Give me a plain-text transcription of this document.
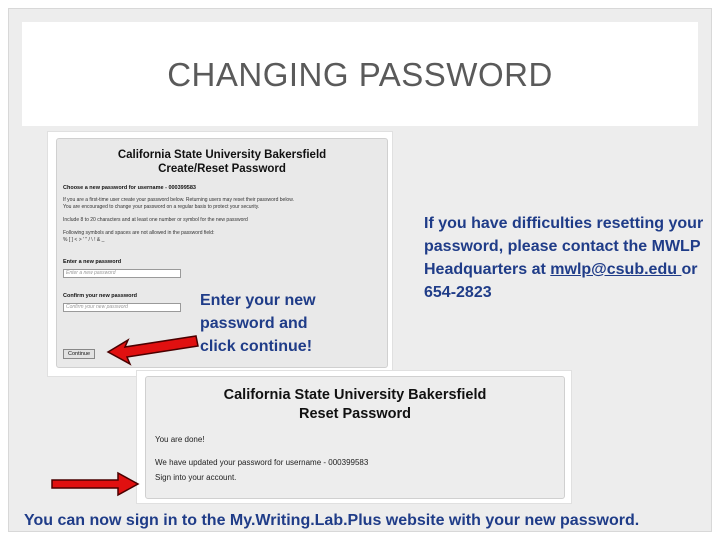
CHANGING PASSWORD
California State University Bakersfield
Create/Reset Password
Choose a new password for username - 000399583
If you are a first-time user create your password below. Returning users may reset their password below.
You are encouraged to change your password on a regular basis to protect your security.
Include 8 to 20 characters and at least one number or symbol for the new password
Following symbols and spaces are not allowed in the password field:
% [ ] < > ' " / \ ! & _
Enter a new password
Enter a new password
Confirm your new password
Confirm your new password
Continue
Enter your new
password and
click continue!
If you have difficulties resetting your password, please contact the MWLP Headquarters at mwlp@csub.edu or 654-2823
California State University Bakersfield
Reset Password
You are done!
We have updated your password for username - 000399583
Sign into your account.
You can now sign in to the My.Writing.Lab.Plus website with your new password.
